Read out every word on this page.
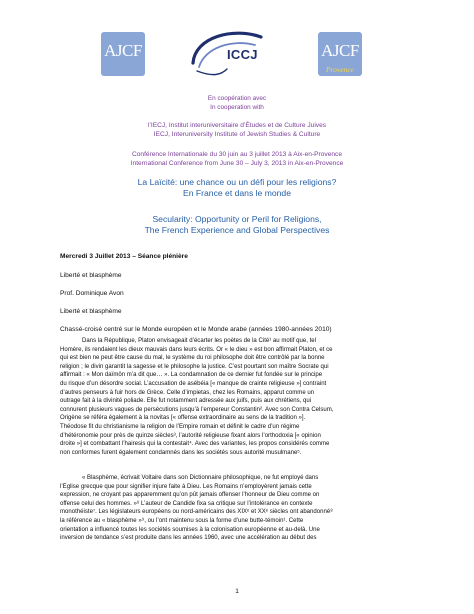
AJCF	ICCJ	AJCF
Provence
En coopération avec
In cooperation with
l’IECJ, Institut interuniversitaire d’Études et de Culture Juives
IECJ, Interuniversity Institute of Jewish Studies & Culture
Conférence Internationale du 30 juin au 3 juillet 2013 à Aix-en-Provence
International Conference from June 30 – July 3, 2013 in Aix-en-Provence
La Laïcité: une chance ou un défi pour les religions?
En France et dans le monde
Secularity: Opportunity or Peril for Religions,
The French Experience and Global Perspectives
Mercredi 3 Juillet 2013 – Séance plénière
Liberté et blasphème
Prof. Dominique Avon
Liberté et blasphème
Chassé-croisé centré sur le Monde européen et le Monde arabe (années 1980-années 2010)
Dans la République, Platon envisageait d’écarter les poètes de la Cité¹ au motif que, tel
Homère, ils rendaient les dieux mauvais dans leurs écrits. Or « le dieu » est bon affirmait Platon, et ce
qui est bien ne peut être cause du mal, le système du roi philosophe doit être contrôlé par la bonne
religion ; le divin garantit la sagesse et le philosophe la justice. C’est pourtant son maître Socrate qui
affirmait : « Mon daïmôn m’a dit que… ». La condamnation de ce dernier fut fondée sur le principe
du risque d’un désordre social. L’accusation de asébéia [« manque de crainte religieuse »] contraint
d’autres penseurs à fuir hors de Grèce. Celle d’impietas, chez les Romains, apparut comme un
outrage fait à la divinité poliade. Elle fut notamment adressée aux juifs, puis aux chrétiens, qui
connurent plusieurs vagues de persécutions jusqu’à l’empereur Constantin². Avec son Contra Celsum,
Origène se référa également à la novitas [« offense extraordinaire au sens de la tradition »].
Théodose fit du christianisme la religion de l’Empire romain et définit le cadre d’un régime
d’hétéronomie pour près de quinze siècles³, l’autorité religieuse fixant alors l’orthodoxia [« opinion
droite »] et combattant l’hairesis qui la contestait⁴. Avec des variantes, les propos considérés comme
non conformes furent également condamnés dans les sociétés sous autorité musulmane⁵.
« Blasphème, écrivait Voltaire dans son Dictionnaire philosophique, ne fut employé dans
l’Église grecque que pour signifier injure faite à Dieu. Les Romains n’employèrent jamais cette
expression, ne croyant pas apparemment qu’on pût jamais offenser l’honneur de Dieu comme on
offense celui des hommes. »⁶ L’auteur de Candide fixa sa critique sur l’intolérance en contexte
monothéiste⁷. Les législateurs européens ou nord-américains des XIXᵉ et XXᵉ siècles ont abandonné⁸
la référence au « blasphème »⁹, ou l’ont maintenu sous la forme d’une butte-témoin¹. Cette
orientation a influencé toutes les sociétés soumises à la colonisation européenne et au-delà. Une
inversion de tendance s’est produite dans les années 1960, avec une accélération au début des
1
